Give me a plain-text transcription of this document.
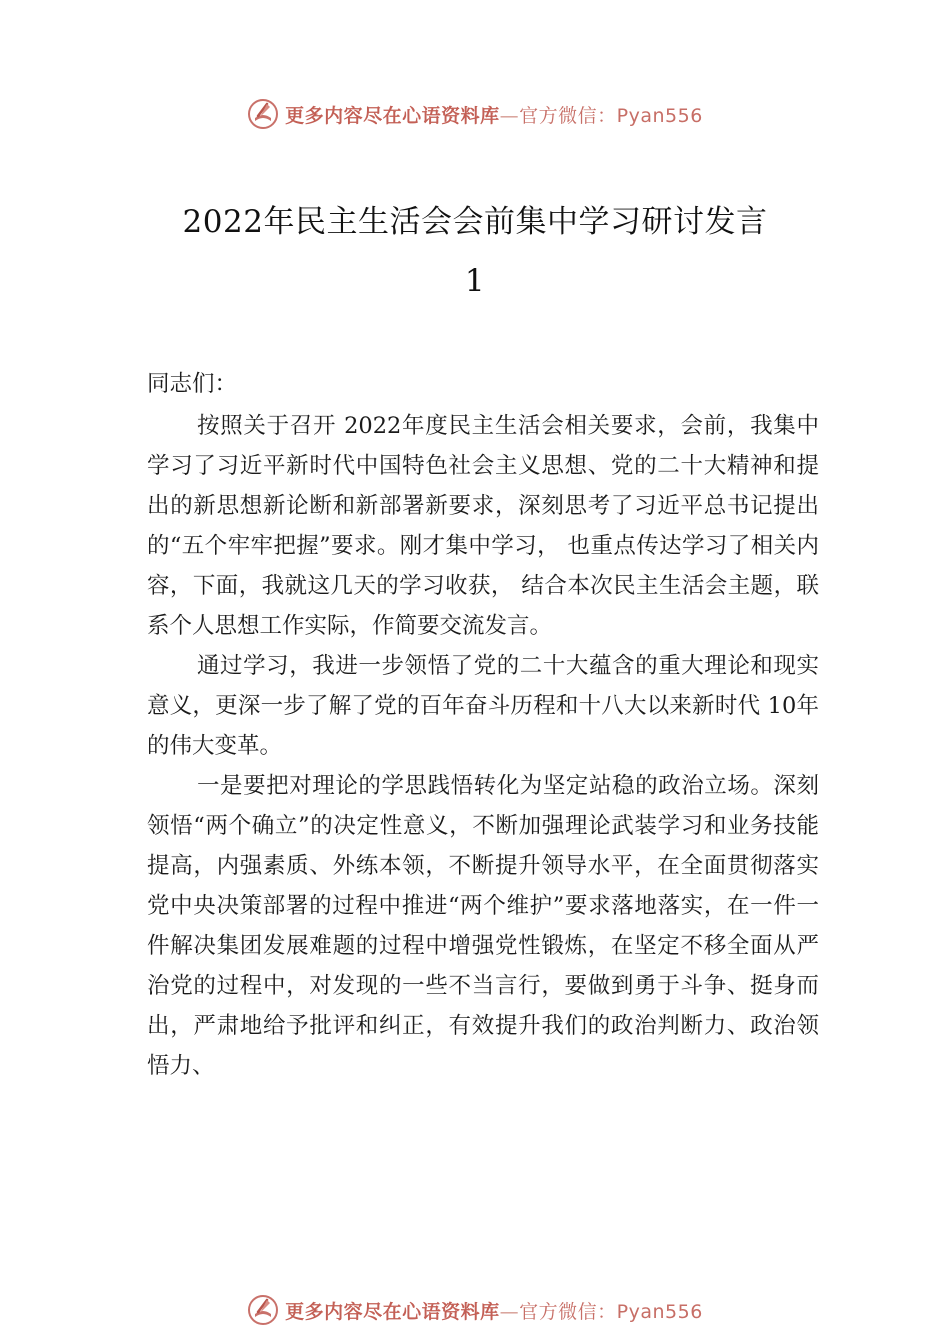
更多内容尽在心语资料库—官方微信：Pyan556
2022年民主生活会会前集中学习研讨发言
1

同志们：

按照关于召开 2022年度民主生活会相关要求，会前，我集中学习了习近平新时代中国特色社会主义思想、党的二十大精神和提出的新思想新论断和新部署新要求，深刻思考了习近平总书记提出的“五个牢牢把握”要求。刚才集中学习， 也重点传达学习了相关内容，下面，我就这几天的学习收获， 结合本次民主生活会主题，联系个人思想工作实际，作简要交流发言。

通过学习，我进一步领悟了党的二十大蕴含的重大理论和现实意义，更深一步了解了党的百年奋斗历程和十八大以来新时代 10年的伟大变革。

一是要把对理论的学思践悟转化为坚定站稳的政治立场。深刻领悟“两个确立”的决定性意义，不断加强理论武装学习和业务技能提高，内强素质、外练本领，不断提升领导水平，在全面贯彻落实党中央决策部署的过程中推进“两个维护”要求落地落实，在一件一件解决集团发展难题的过程中增强党性锻炼，在坚定不移全面从严治党的过程中，对发现的一些不当言行，要做到勇于斗争、挺身而出，严肃地给予批评和纠正，有效提升我们的政治判断力、政治领悟力、

更多内容尽在心语资料库—官方微信：Pyan556
